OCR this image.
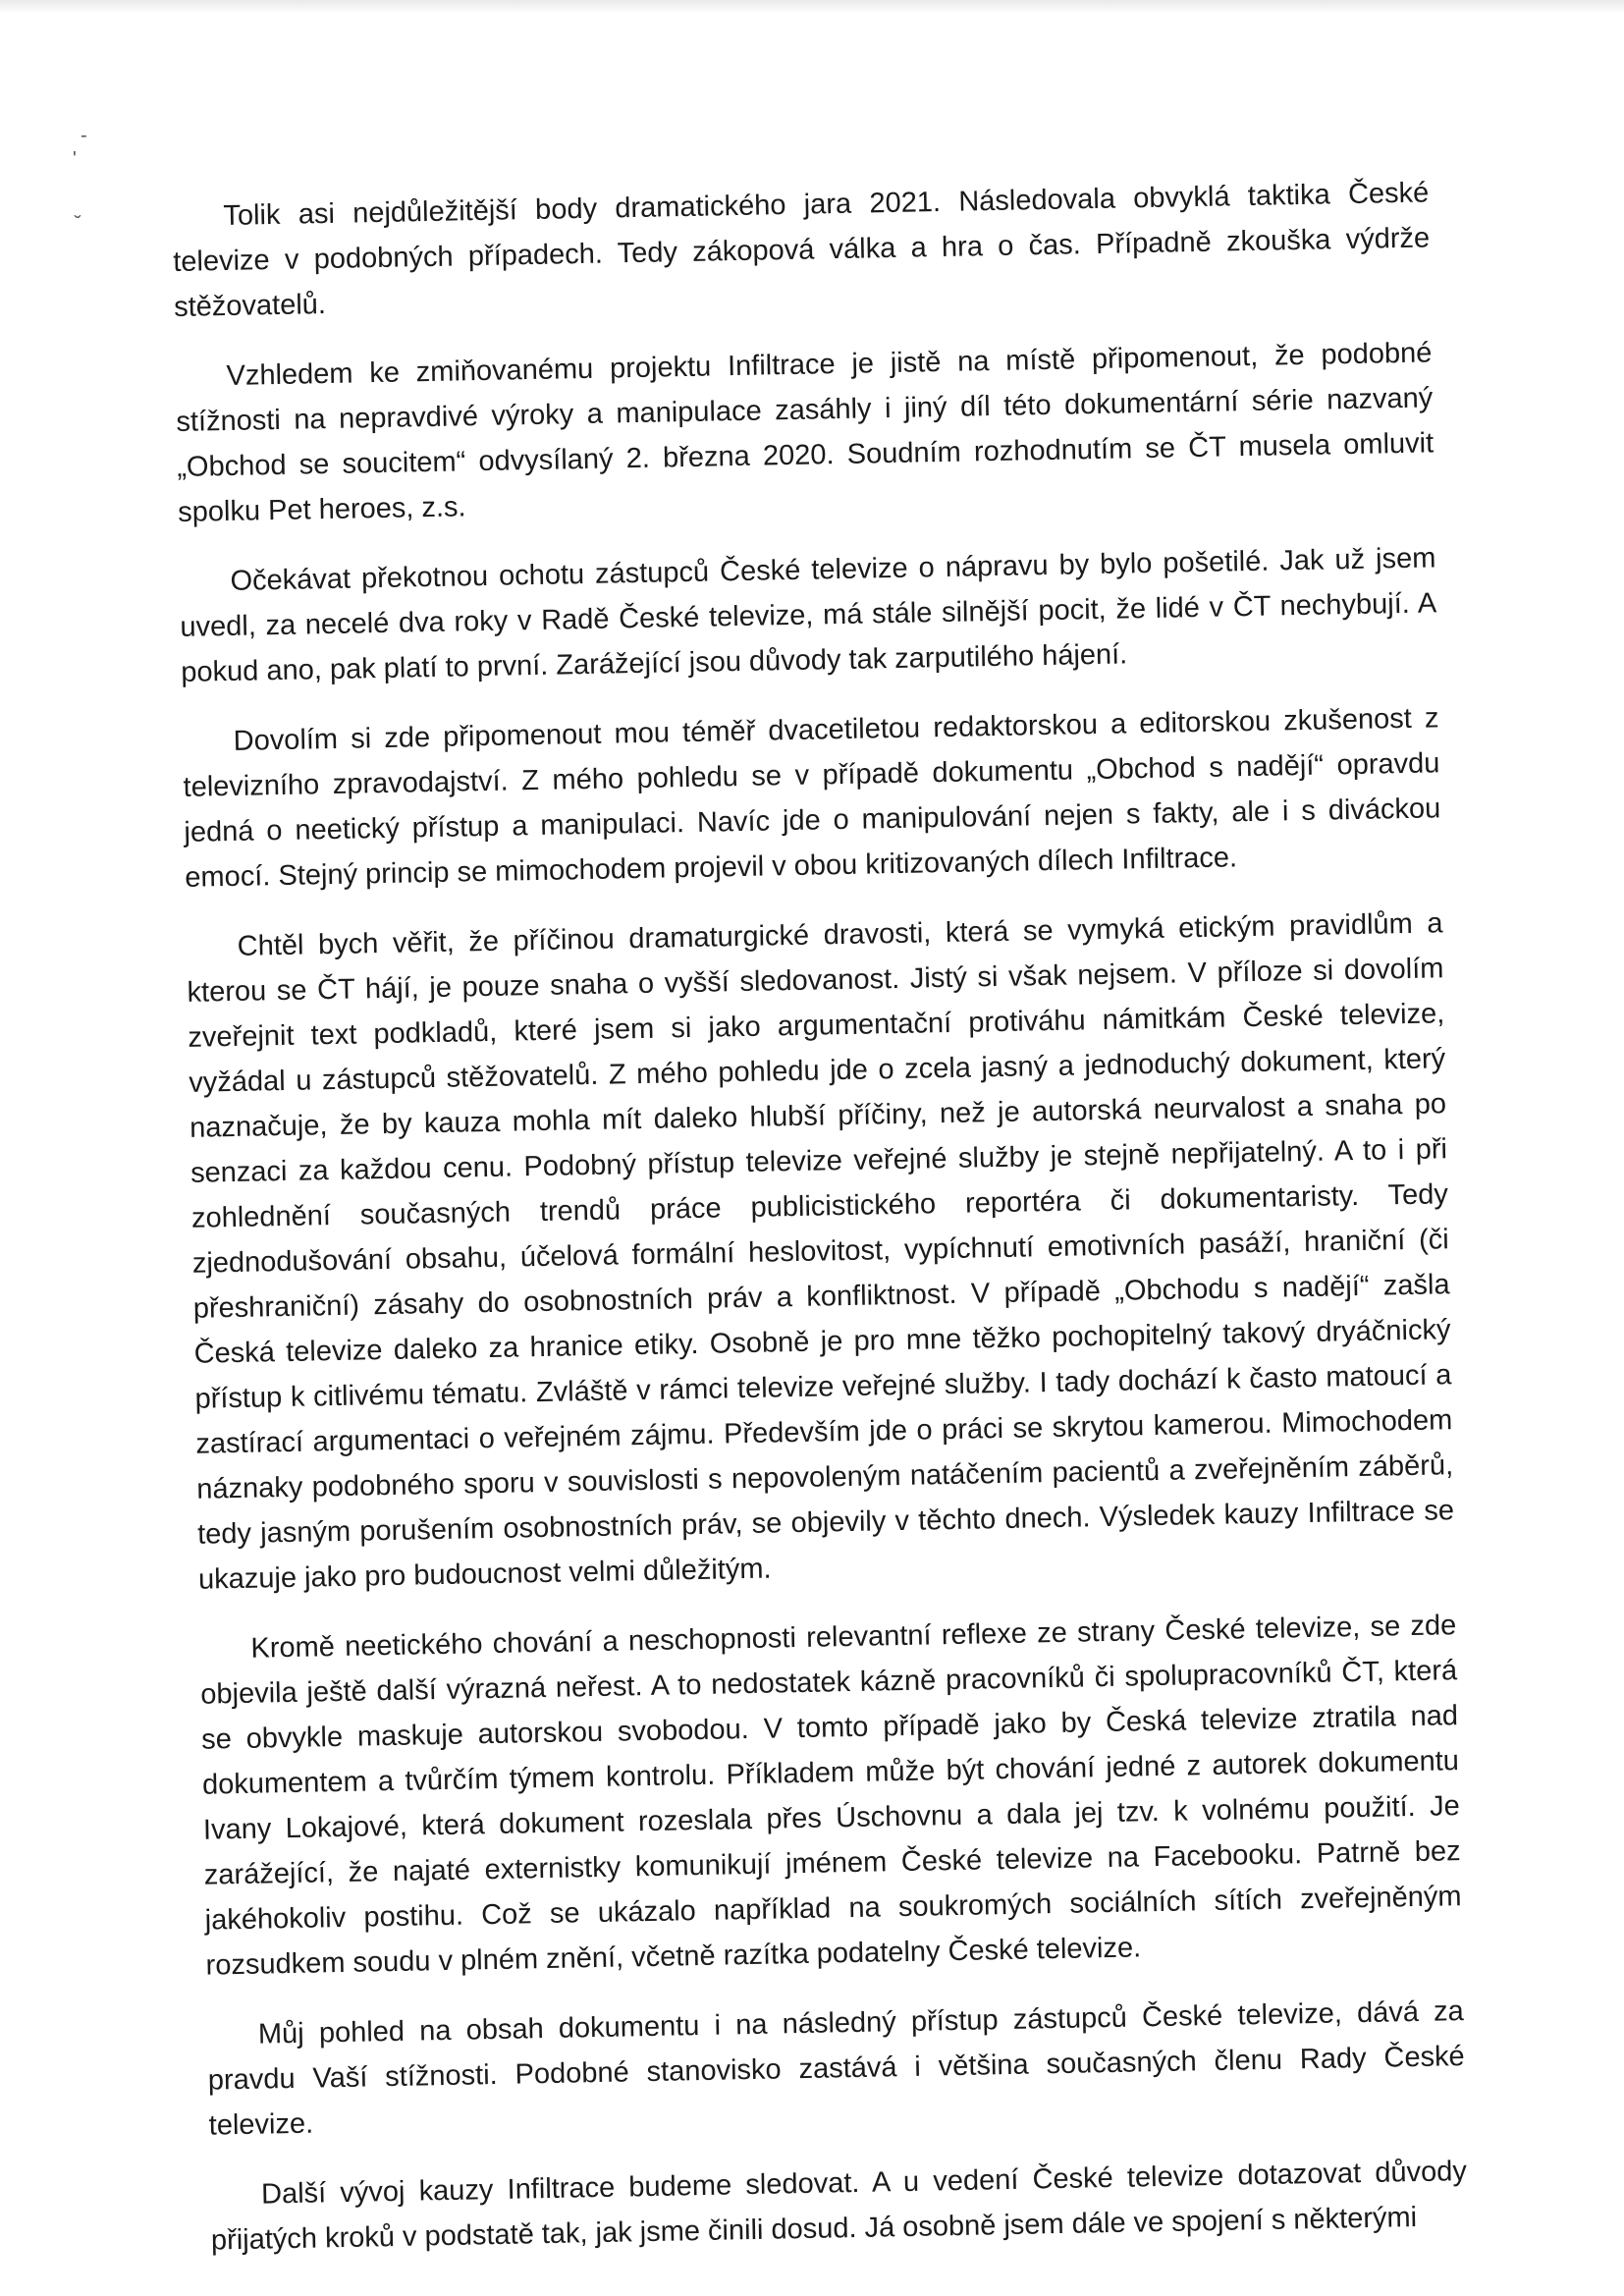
-
'
˘	Tolik asi nejdůležitější body dramatického jara 2021. Následovala obvyklá taktika České televize v podobných případech. Tedy zákopová válka a hra o čas. Případně zkouška výdrže stěžovatelů.

Vzhledem ke zmiňovanému projektu Infiltrace je jistě na místě připomenout, že podobné stížnosti na nepravdivé výroky a manipulace zasáhly i jiný díl této dokumentární série nazvaný „Obchod se soucitem“ odvysílaný 2. března 2020. Soudním rozhodnutím se ČT musela omluvit spolku Pet heroes, z.s.

Očekávat překotnou ochotu zástupců České televize o nápravu by bylo pošetilé. Jak už jsem uvedl, za necelé dva roky v Radě České televize, má stále silnější pocit, že lidé v ČT nechybují. A pokud ano, pak platí to první. Zarážející jsou důvody tak zarputilého hájení.

Dovolím si zde připomenout mou téměř dvacetiletou redaktorskou a editorskou zkušenost z televizního zpravodajství. Z mého pohledu se v případě dokumentu „Obchod s nadějí“ opravdu jedná o neetický přístup a manipulaci. Navíc jde o manipulování nejen s fakty, ale i s diváckou emocí. Stejný princip se mimochodem projevil v obou kritizovaných dílech Infiltrace.

Chtěl bych věřit, že příčinou dramaturgické dravosti, která se vymyká etickým pravidlům a kterou se ČT hájí, je pouze snaha o vyšší sledovanost. Jistý si však nejsem. V příloze si dovolím zveřejnit text podkladů, které jsem si jako argumentační protiváhu námitkám České televize, vyžádal u zástupců stěžovatelů. Z mého pohledu jde o zcela jasný a jednoduchý dokument, který naznačuje, že by kauza mohla mít daleko hlubší příčiny, než je autorská neurvalost a snaha po senzaci za každou cenu. Podobný přístup televize veřejné služby je stejně nepřijatelný. A to i při zohlednění současných trendů práce publicistického reportéra či dokumentaristy. Tedy zjednodušování obsahu, účelová formální heslovitost, vypíchnutí emotivních pasáží, hraniční (či přeshraniční) zásahy do osobnostních práv a konfliktnost. V případě „Obchodu s nadějí“ zašla Česká televize daleko za hranice etiky. Osobně je pro mne těžko pochopitelný takový dryáčnický přístup k citlivému tématu. Zvláště v rámci televize veřejné služby. I tady dochází k často matoucí a zastírací argumentaci o veřejném zájmu. Především jde o práci se skrytou kamerou. Mimochodem náznaky podobného sporu v souvislosti s nepovoleným natáčením pacientů a zveřejněním záběrů, tedy jasným porušením osobnostních práv, se objevily v těchto dnech. Výsledek kauzy Infiltrace se ukazuje jako pro budoucnost velmi důležitým.

Kromě neetického chování a neschopnosti relevantní reflexe ze strany České televize, se zde objevila ještě další výrazná neřest. A to nedostatek kázně pracovníků či spolupracovníků ČT, která se obvykle maskuje autorskou svobodou. V tomto případě jako by Česká televize ztratila nad dokumentem a tvůrčím týmem kontrolu. Příkladem může být chování jedné z autorek dokumentu Ivany Lokajové, která dokument rozeslala přes Úschovnu a dala jej tzv. k volnému použití. Je zarážející, že najaté externistky komunikují jménem České televize na Facebooku. Patrně bez jakéhokoliv postihu. Což se ukázalo například na soukromých sociálních sítích zveřejněným rozsudkem soudu v plném znění, včetně razítka podatelny České televize.

Můj pohled na obsah dokumentu i na následný přístup zástupců České televize, dává za pravdu Vaší stížnosti. Podobné stanovisko zastává i většina současných členu Rady České televize.

Další vývoj kauzy Infiltrace budeme sledovat. A u vedení České televize dotazovat důvody přijatých kroků v podstatě tak, jak jsme činili dosud. Já osobně jsem dále ve spojení s některými
